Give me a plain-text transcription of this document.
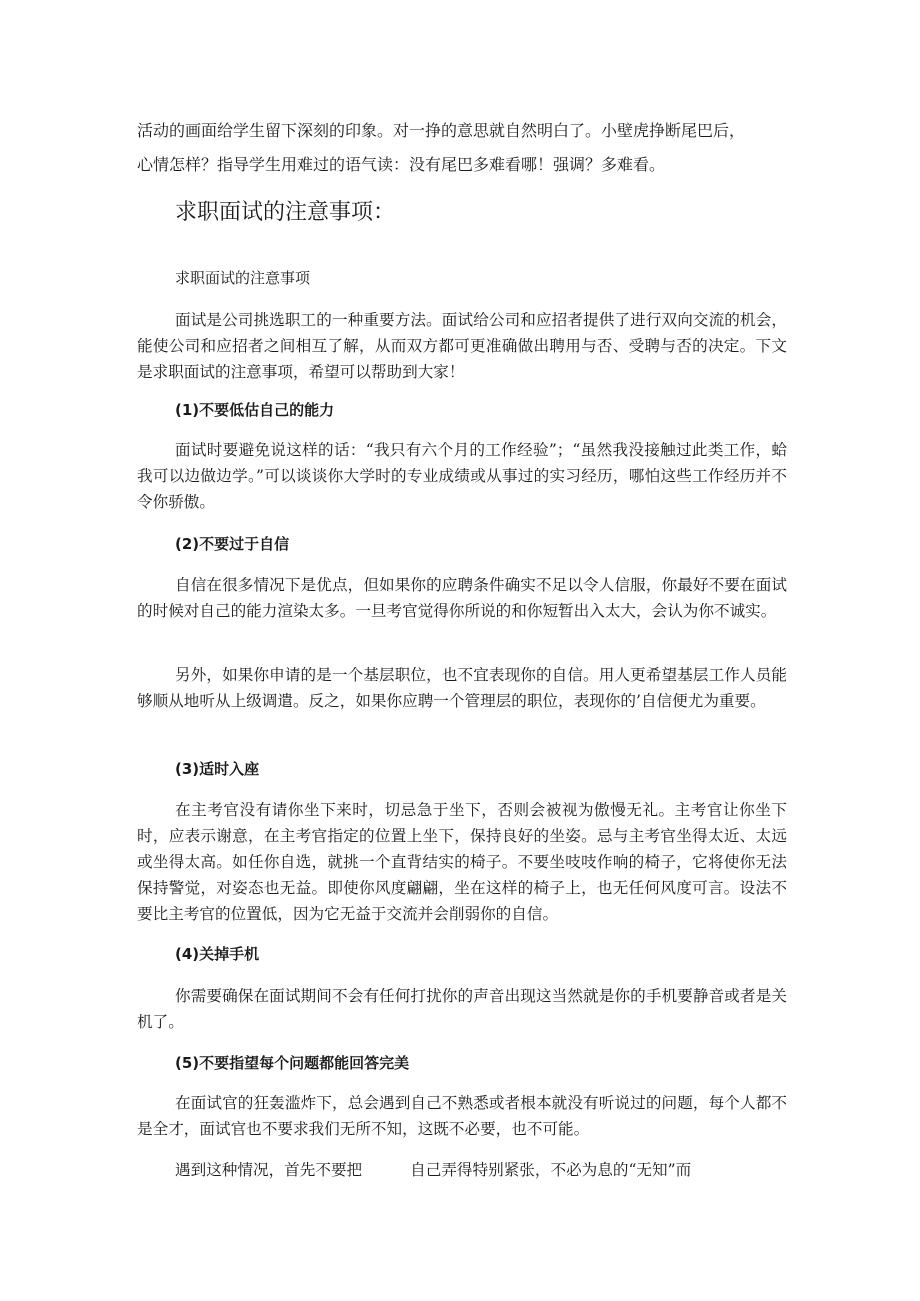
活动的画面给学生留下深刻的印象。对一挣的意思就自然明白了。小壁虎挣断尾巴后，
心情怎样？指导学生用难过的语气读：没有尾巴多难看哪！强调？多难看。
求职面试的注意事项：

求职面试的注意事项

面试是公司挑选职工的一种重要方法。面试给公司和应招者提供了进行双向交流的机会，能使公司和应招者之间相互了解，从而双方都可更准确做出聘用与否、受聘与否的决定。下文是求职面试的注意事项，希望可以帮助到大家！

(1)不要低估自己的能力

面试时要避免说这样的话：“我只有六个月的工作经验”；“虽然我没接触过此类工作，蛤我可以边做边学。”可以谈谈你大学时的专业成绩或从事过的实习经历，哪怕这些工作经历并不令你骄傲。

(2)不要过于自信

自信在很多情况下是优点，但如果你的应聘条件确实不足以令人信服，你最好不要在面试的时候对自己的能力渲染太多。一旦考官觉得你所说的和你短暂出入太大，会认为你不诚实。

另外，如果你申请的是一个基层职位，也不宜表现你的自信。用人更希望基层工作人员能够顺从地听从上级调遣。反之，如果你应聘一个管理层的职位，表现你的’自信便尤为重要。

(3)适时入座

在主考官没有请你坐下来时，切忌急于坐下，否则会被视为傲慢无礼。主考官让你坐下时，应表示谢意，在主考官指定的位置上坐下，保持良好的坐姿。忌与主考官坐得太近、太远或坐得太高。如任你自选，就挑一个直背结实的椅子。不要坐吱吱作响的椅子，它将使你无法保持警觉，对姿态也无益。即使你风度翩翩，坐在这样的椅子上，也无任何风度可言。设法不要比主考官的位置低，因为它无益于交流并会削弱你的自信。

(4)关掉手机

你需要确保在面试期间不会有任何打扰你的声音出现这当然就是你的手机要静音或者是关机了。

(5)不要指望每个问题都能回答完美

在面试官的狂轰滥炸下，总会遇到自己不熟悉或者根本就没有听说过的问题，每个人都不是全才，面试官也不要求我们无所不知，这既不必要，也不可能。

遇到这种情况，首先不要把	自己弄得特别紧张，不必为息的“无知”而
